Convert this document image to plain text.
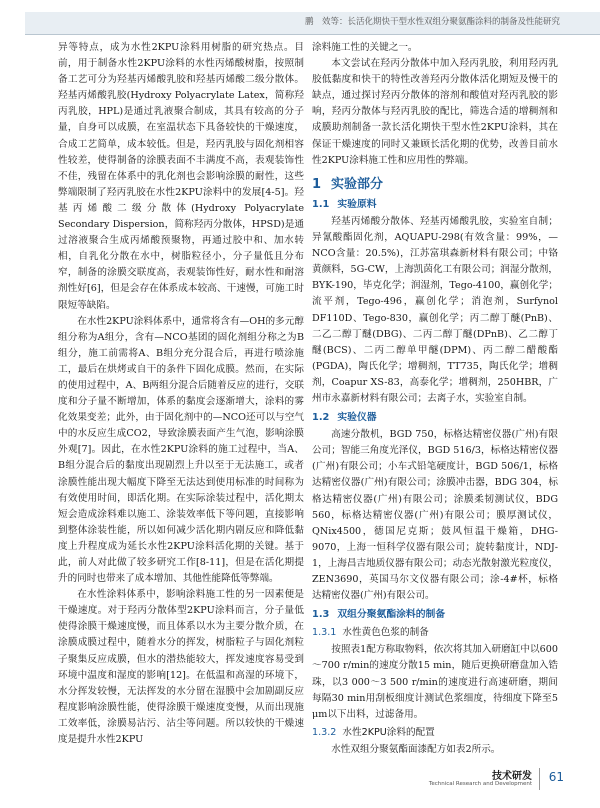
鹏　效等：长活化期快干型水性双组分聚氨酯涂料的制备及性能研究

异等特点，成为水性2KPU涂料用树脂的研究热点。目前，用于制备水性2KPU涂料的水性丙烯酸树脂，按照制备工艺可分为羟基丙烯酸乳胶和羟基丙烯酸二级分散体。羟基丙烯酸乳胶(Hydroxy Polyacrylate Latex，简称羟丙乳胶，HPL)是通过乳液聚合制成，其具有较高的分子量，自身可以成膜，在室温状态下具备较快的干燥速度，合成工艺简单，成本较低。但是，羟丙乳胶与固化剂相容性较差，使得制备的涂膜表面不丰满度不高，表观装饰性不佳，残留在体系中的乳化剂也会影响涂膜的耐性，这些弊端限制了羟丙乳胶在水性2KPU涂料中的发展[4-5]。羟基丙烯酸二级分散体(Hydroxy Polyacrylate Secondary Dispersion，简称羟丙分散体，HPSD)是通过溶液聚合生成丙烯酸预聚物，再通过胶中和、加水转相，自乳化分散在水中，树脂粒径小，分子量低且分布窄，制备的涂膜交联度高，表观装饰性好，耐水性和耐溶剂性好[6]，但是会存在体系成本较高、干速慢，可施工时限短等缺陷。

在水性2KPU涂料体系中，通常将含有—OH的多元醇组分称为A组分，含有—NCO基团的固化剂组分称之为B组分，施工前需将A、B组分充分混合后，再进行喷涂施工，最后在烘烤或自干的条件下固化成膜。然而，在实际的使用过程中，A、B两组分混合后随着反应的进行，交联度和分子量不断增加，体系的黏度会逐渐增大，涂料的雾化效果变差；此外，由于固化剂中的—NCO还可以与空气中的水反应生成CO2，导致涂膜表面产生气泡，影响涂膜外观[7]。因此，在水性2KPU涂料的施工过程中，当A、B组分混合后的黏度出现剧烈上升以至于无法施工，或者涂膜性能出现大幅度下降至无法达到使用标准的时间称为有效使用时间，即活化期。在实际涂装过程中，活化期太短会造成涂料难以施工、涂装效率低下等问题，直接影响到整体涂装性能，所以如何减少活化期内剧反应和降低黏度上升程度成为延长水性2KPU涂料活化期的关键。基于此，前人对此做了较多研究工作[8-11]，但是在活化期提升的同时也带来了成本增加、其他性能降低等弊端。

在水性涂料体系中，影响涂料施工性的另一因素便是干燥速度。对于羟丙分散体型2KPU涂料而言，分子量低使得涂膜干燥速度慢，而且体系以水为主要分散介质，在涂膜成膜过程中，随着水分的挥发，树脂粒子与固化剂粒子聚集反应成膜，但水的潜热能较大，挥发速度容易受到环境中温度和湿度的影响[12]。在低温和高湿的环境下，水分挥发较慢，无法挥发的水分留在湿膜中会加剧副反应程度影响涂膜性能，使得涂膜干燥速度变慢，从而出现施工效率低，涂膜易沾污、沾尘等问题。所以较快的干燥速度是提升水性2KPU

涂料施工性的关键之一。

本文尝试在羟丙分散体中加入羟丙乳胶，利用羟丙乳胶低黏度和快干的特性改善羟丙分散体活化期短及慢干的缺点，通过探讨羟丙分散体的溶剂和酸值对羟丙乳胶的影响，羟丙分散体与羟丙乳胶的配比，筛选合适的增稠剂和成膜助剂制备一款长活化期快干型水性2KPU涂料，其在保证干燥速度的同时又兼顾长活化期的优势，改善目前水性2KPU涂料施工性和应用性的弊端。

1 实验部分
1.1 实验原料

羟基丙烯酸分散体、羟基丙烯酸乳胶，实验室自制；异氰酸酯固化剂，AQUAPU-298(有效含量：99%，—NCO含量：20.5%)，江苏富琪森新材料有限公司；中铬黄颜料，5G-CW，上海凯茵化工有限公司；润湿分散剂，BYK-190，毕克化学；润湿剂，Tego-4100，赢创化学；流平剂，Tego-496，赢创化学；消泡剂，Surfynol DF110D、Tego-830，赢创化学；丙二醇丁醚(PnB)、二乙二醇丁醚(DBG)、二丙二醇丁醚(DPnB)、乙二醇丁醚(BCS)、二丙二醇单甲醚(DPM)、丙二醇二醋酸酯(PGDA)，陶氏化学；增稠剂，TT735，陶氏化学；增稠剂，Coapur XS-83，高泰化学；增稠剂，250HBR，广州市永嘉新材料有限公司；去离子水，实验室自制。

1.2 实验仪器

高速分散机，BGD 750，标格达精密仪器(广州)有限公司；智能三角度光泽仪，BGD 516/3，标格达精密仪器(广州)有限公司；小车式铅笔硬度计，BGD 506/1，标格达精密仪器(广州)有限公司；涂膜冲击器，BDG 304，标格达精密仪器(广州)有限公司；涂膜柔韧测试仪，BDG 560，标格达精密仪器(广州)有限公司；膜厚测试仪，QNix4500，德国尼克斯；鼓风恒温干燥箱，DHG-9070，上海一恒科学仪器有限公司；旋转黏度计，NDJ-1，上海昌吉地质仪器有限公司；动态光散射激光粒度仪，ZEN3690，英国马尔文仪器有限公司；涂-4#杯，标格达精密仪器(广州)有限公司。

1.3 双组分聚氨酯涂料的制备
1.3.1 水性黄色色浆的制备

按照表1配方称取物料，依次将其加入研磨缸中以600～700 r/min的速度分散15 min，随后更换研磨盘加入锆珠，以3 000～3 500 r/min的速度进行高速研磨，期间每隔30 min用刮板细度计测试色浆细度，待细度下降至5 μm以下出料，过滤备用。

1.3.2 水性2KPU涂料的配置

水性双组分聚氨酯面漆配方如表2所示。

技术研发
Technical Research and Development 61
